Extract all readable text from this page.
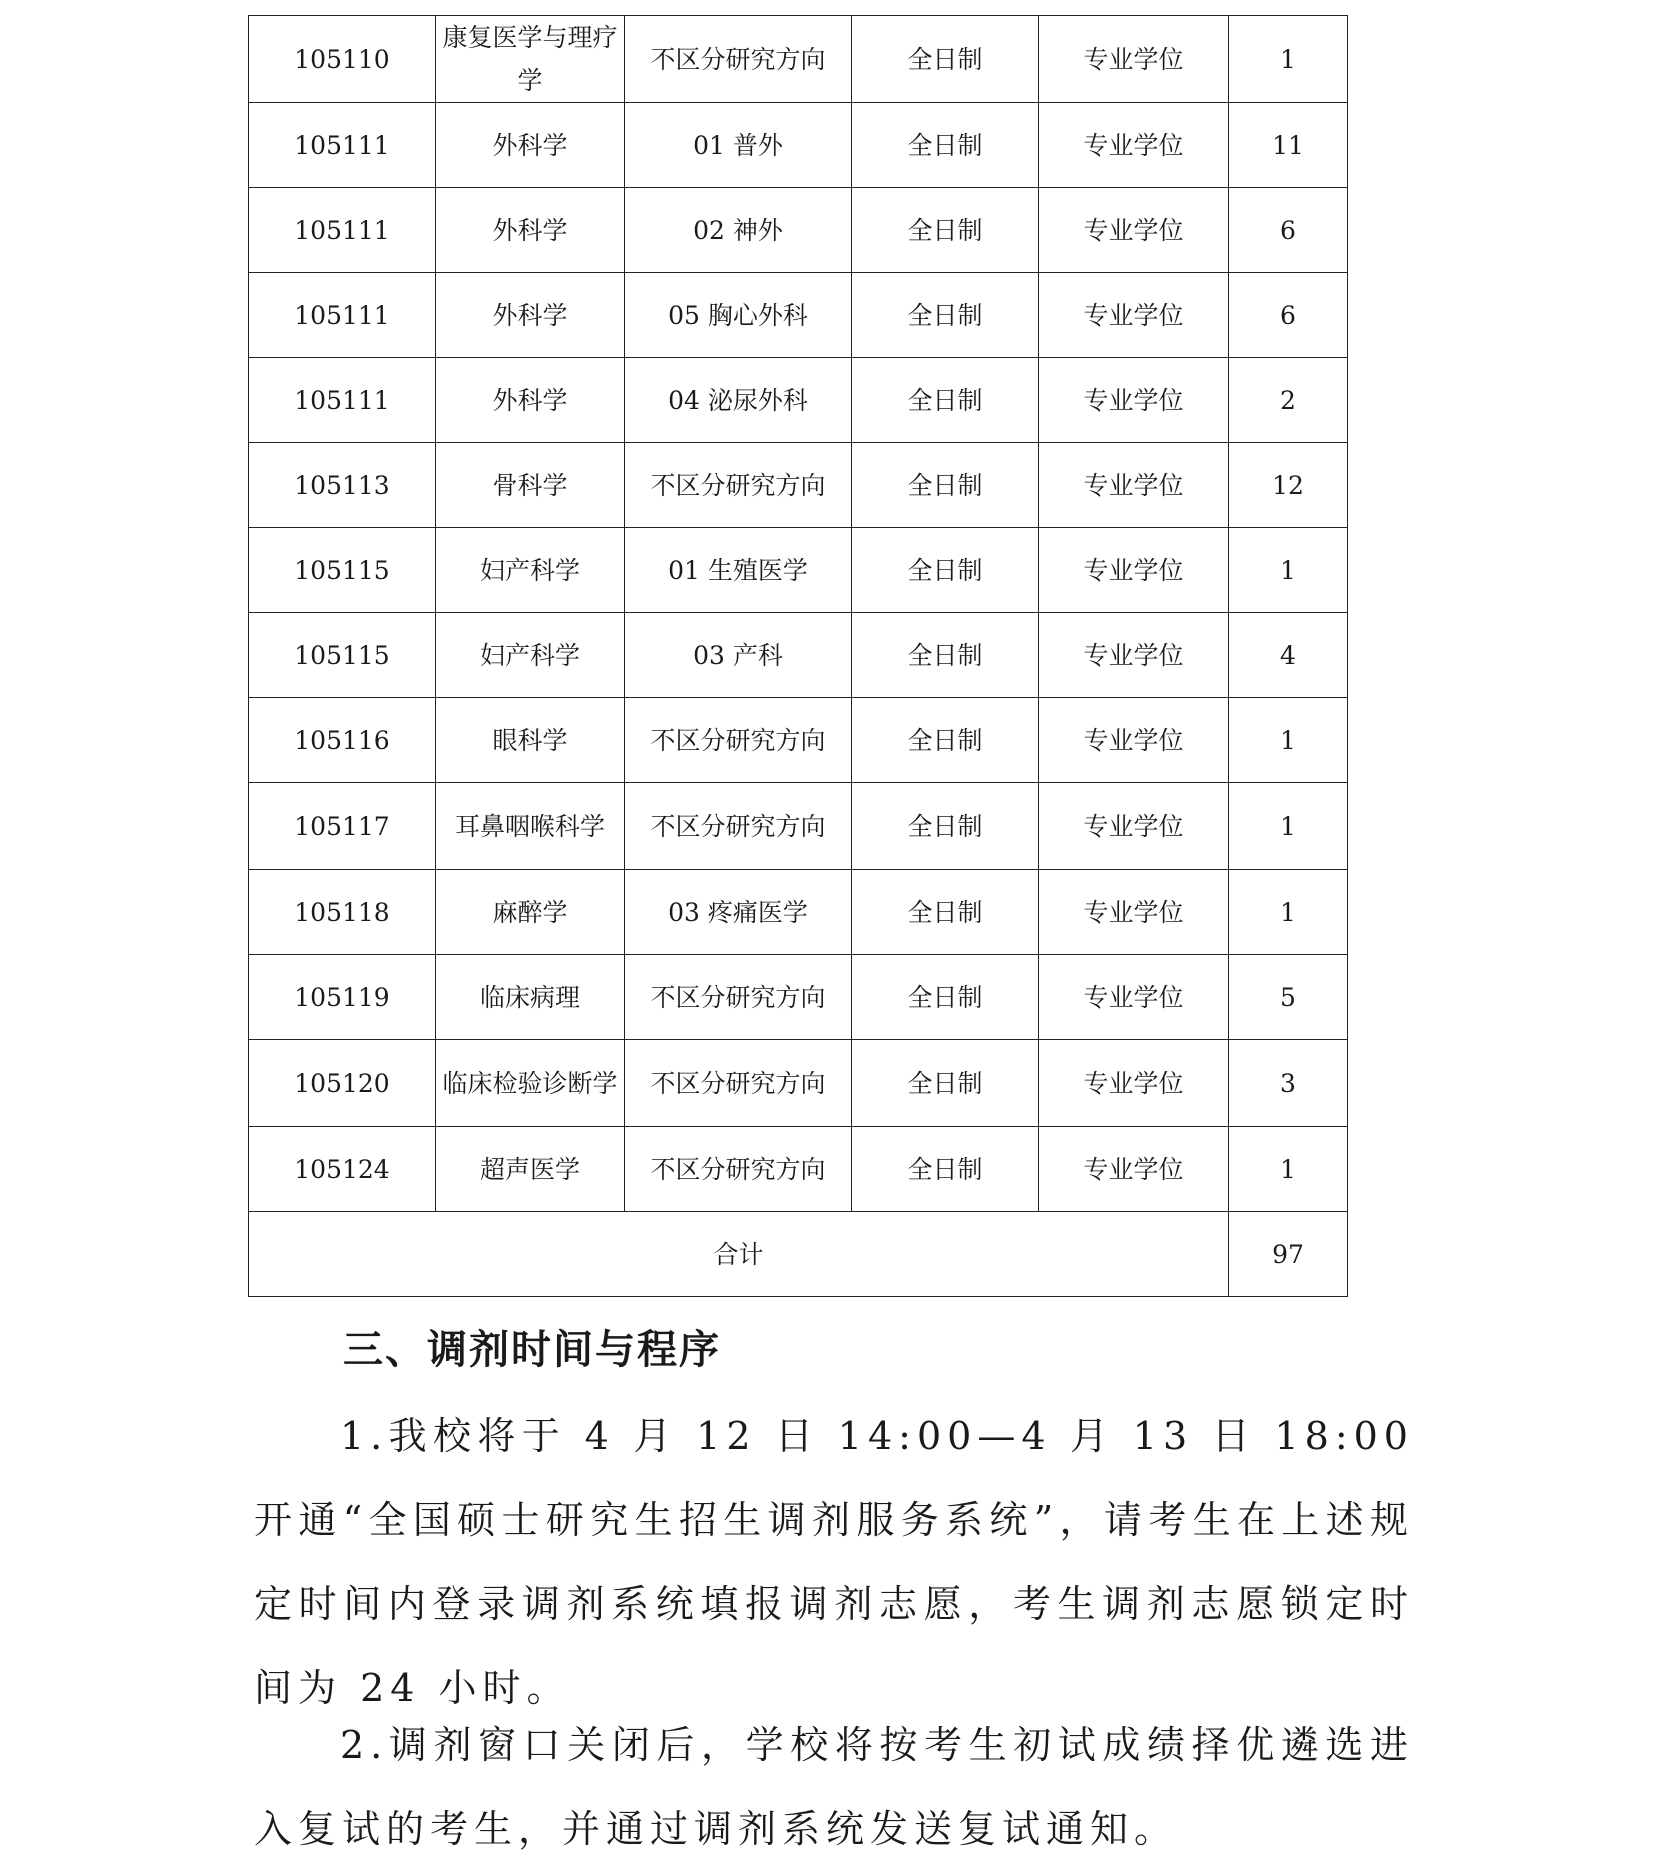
105110	康复医学与理疗学	不区分研究方向	全日制	专业学位	1
105111	外科学	01 普外	全日制	专业学位	11
105111	外科学	02 神外	全日制	专业学位	6
105111	外科学	05 胸心外科	全日制	专业学位	6
105111	外科学	04 泌尿外科	全日制	专业学位	2
105113	骨科学	不区分研究方向	全日制	专业学位	12
105115	妇产科学	01 生殖医学	全日制	专业学位	1
105115	妇产科学	03 产科	全日制	专业学位	4
105116	眼科学	不区分研究方向	全日制	专业学位	1
105117	耳鼻咽喉科学	不区分研究方向	全日制	专业学位	1
105118	麻醉学	03 疼痛医学	全日制	专业学位	1
105119	临床病理	不区分研究方向	全日制	专业学位	5
105120	临床检验诊断学	不区分研究方向	全日制	专业学位	3
105124	超声医学	不区分研究方向	全日制	专业学位	1
合计					97
三、调剂时间与程序

1.我校将于 4 月 12 日 14:00—4 月 13 日 18:00 开通“全国硕士研究生招生调剂服务系统”，请考生在上述规定时间内登录调剂系统填报调剂志愿，考生调剂志愿锁定时间为 24 小时。

2.调剂窗口关闭后，学校将按考生初试成绩择优遴选进入复试的考生，并通过调剂系统发送复试通知。
